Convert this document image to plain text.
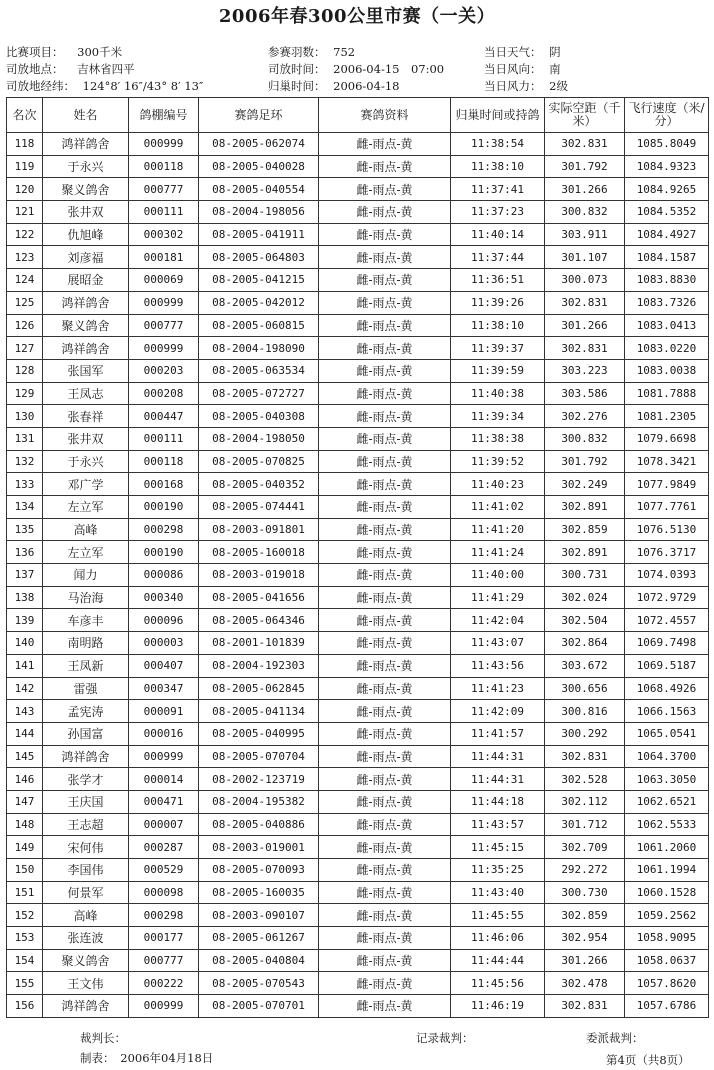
2006年春300公里市赛（一关）
比赛项目： 300千米
司放地点： 吉林省四平
司放地经纬： 124°8′ 16″/43° 8′ 13″
参赛羽数： 752
司放时间： 2006-04-15　07:00
归巢时间： 2006-04-18
当日天气： 阴
当日风向： 南
当日风力： 2级
名次	姓名	鸽棚编号	赛鸽足环	赛鸽资料	归巢时间或持鸽	实际空距（千米）	飞行速度（米/分）
118	鸿祥鸽舍	000999	08-2005-062074	雌-雨点-黄	11:38:54	302.831	1085.8049
119	于永兴	000118	08-2005-040028	雌-雨点-黄	11:38:10	301.792	1084.9323
120	聚义鸽舍	000777	08-2005-040554	雌-雨点-黄	11:37:41	301.266	1084.9265
121	张井双	000111	08-2004-198056	雌-雨点-黄	11:37:23	300.832	1084.5352
122	仇旭峰	000302	08-2005-041911	雌-雨点-黄	11:40:14	303.911	1084.4927
123	刘彦福	000181	08-2005-064803	雌-雨点-黄	11:37:44	301.107	1084.1587
124	展昭金	000069	08-2005-041215	雌-雨点-黄	11:36:51	300.073	1083.8830
125	鸿祥鸽舍	000999	08-2005-042012	雌-雨点-黄	11:39:26	302.831	1083.7326
126	聚义鸽舍	000777	08-2005-060815	雌-雨点-黄	11:38:10	301.266	1083.0413
127	鸿祥鸽舍	000999	08-2004-198090	雌-雨点-黄	11:39:37	302.831	1083.0220
128	张国军	000203	08-2005-063534	雌-雨点-黄	11:39:59	303.223	1083.0038
129	王凤志	000208	08-2005-072727	雌-雨点-黄	11:40:38	303.586	1081.7888
130	张春祥	000447	08-2005-040308	雌-雨点-黄	11:39:34	302.276	1081.2305
131	张井双	000111	08-2004-198050	雌-雨点-黄	11:38:38	300.832	1079.6698
132	于永兴	000118	08-2005-070825	雌-雨点-黄	11:39:52	301.792	1078.3421
133	邓广学	000168	08-2005-040352	雌-雨点-黄	11:40:23	302.249	1077.9849
134	左立军	000190	08-2005-074441	雌-雨点-黄	11:41:02	302.891	1077.7761
135	高峰	000298	08-2003-091801	雌-雨点-黄	11:41:20	302.859	1076.5130
136	左立军	000190	08-2005-160018	雌-雨点-黄	11:41:24	302.891	1076.3717
137	闻力	000086	08-2003-019018	雌-雨点-黄	11:40:00	300.731	1074.0393
138	马治海	000340	08-2005-041656	雌-雨点-黄	11:41:29	302.024	1072.9729
139	车彦丰	000096	08-2005-064346	雌-雨点-黄	11:42:04	302.504	1072.4557
140	南明路	000003	08-2001-101839	雌-雨点-黄	11:43:07	302.864	1069.7498
141	王凤新	000407	08-2004-192303	雌-雨点-黄	11:43:56	303.672	1069.5187
142	雷强	000347	08-2005-062845	雌-雨点-黄	11:41:23	300.656	1068.4926
143	孟宪涛	000091	08-2005-041134	雌-雨点-黄	11:42:09	300.816	1066.1563
144	孙国富	000016	08-2005-040995	雌-雨点-黄	11:41:57	300.292	1065.0541
145	鸿祥鸽舍	000999	08-2005-070704	雌-雨点-黄	11:44:31	302.831	1064.3700
146	张学才	000014	08-2002-123719	雌-雨点-黄	11:44:31	302.528	1063.3050
147	王庆国	000471	08-2004-195382	雌-雨点-黄	11:44:18	302.112	1062.6521
148	王志超	000007	08-2005-040886	雌-雨点-黄	11:43:57	301.712	1062.5533
149	宋何伟	000287	08-2003-019001	雌-雨点-黄	11:45:15	302.709	1061.2060
150	李国伟	000529	08-2005-070093	雌-雨点-黄	11:35:25	292.272	1061.1994
151	何景军	000098	08-2005-160035	雌-雨点-黄	11:43:40	300.730	1060.1528
152	高峰	000298	08-2003-090107	雌-雨点-黄	11:45:55	302.859	1059.2562
153	张连波	000177	08-2005-061267	雌-雨点-黄	11:46:06	302.954	1058.9095
154	聚义鸽舍	000777	08-2005-040804	雌-雨点-黄	11:44:44	301.266	1058.0637
155	王文伟	000222	08-2005-070543	雌-雨点-黄	11:45:56	302.478	1057.8620
156	鸿祥鸽舍	000999	08-2005-070701	雌-雨点-黄	11:46:19	302.831	1057.6786
裁判长：	记录裁判：	委派裁判：
制表：　2006年04月18日	第4页（共8页）
